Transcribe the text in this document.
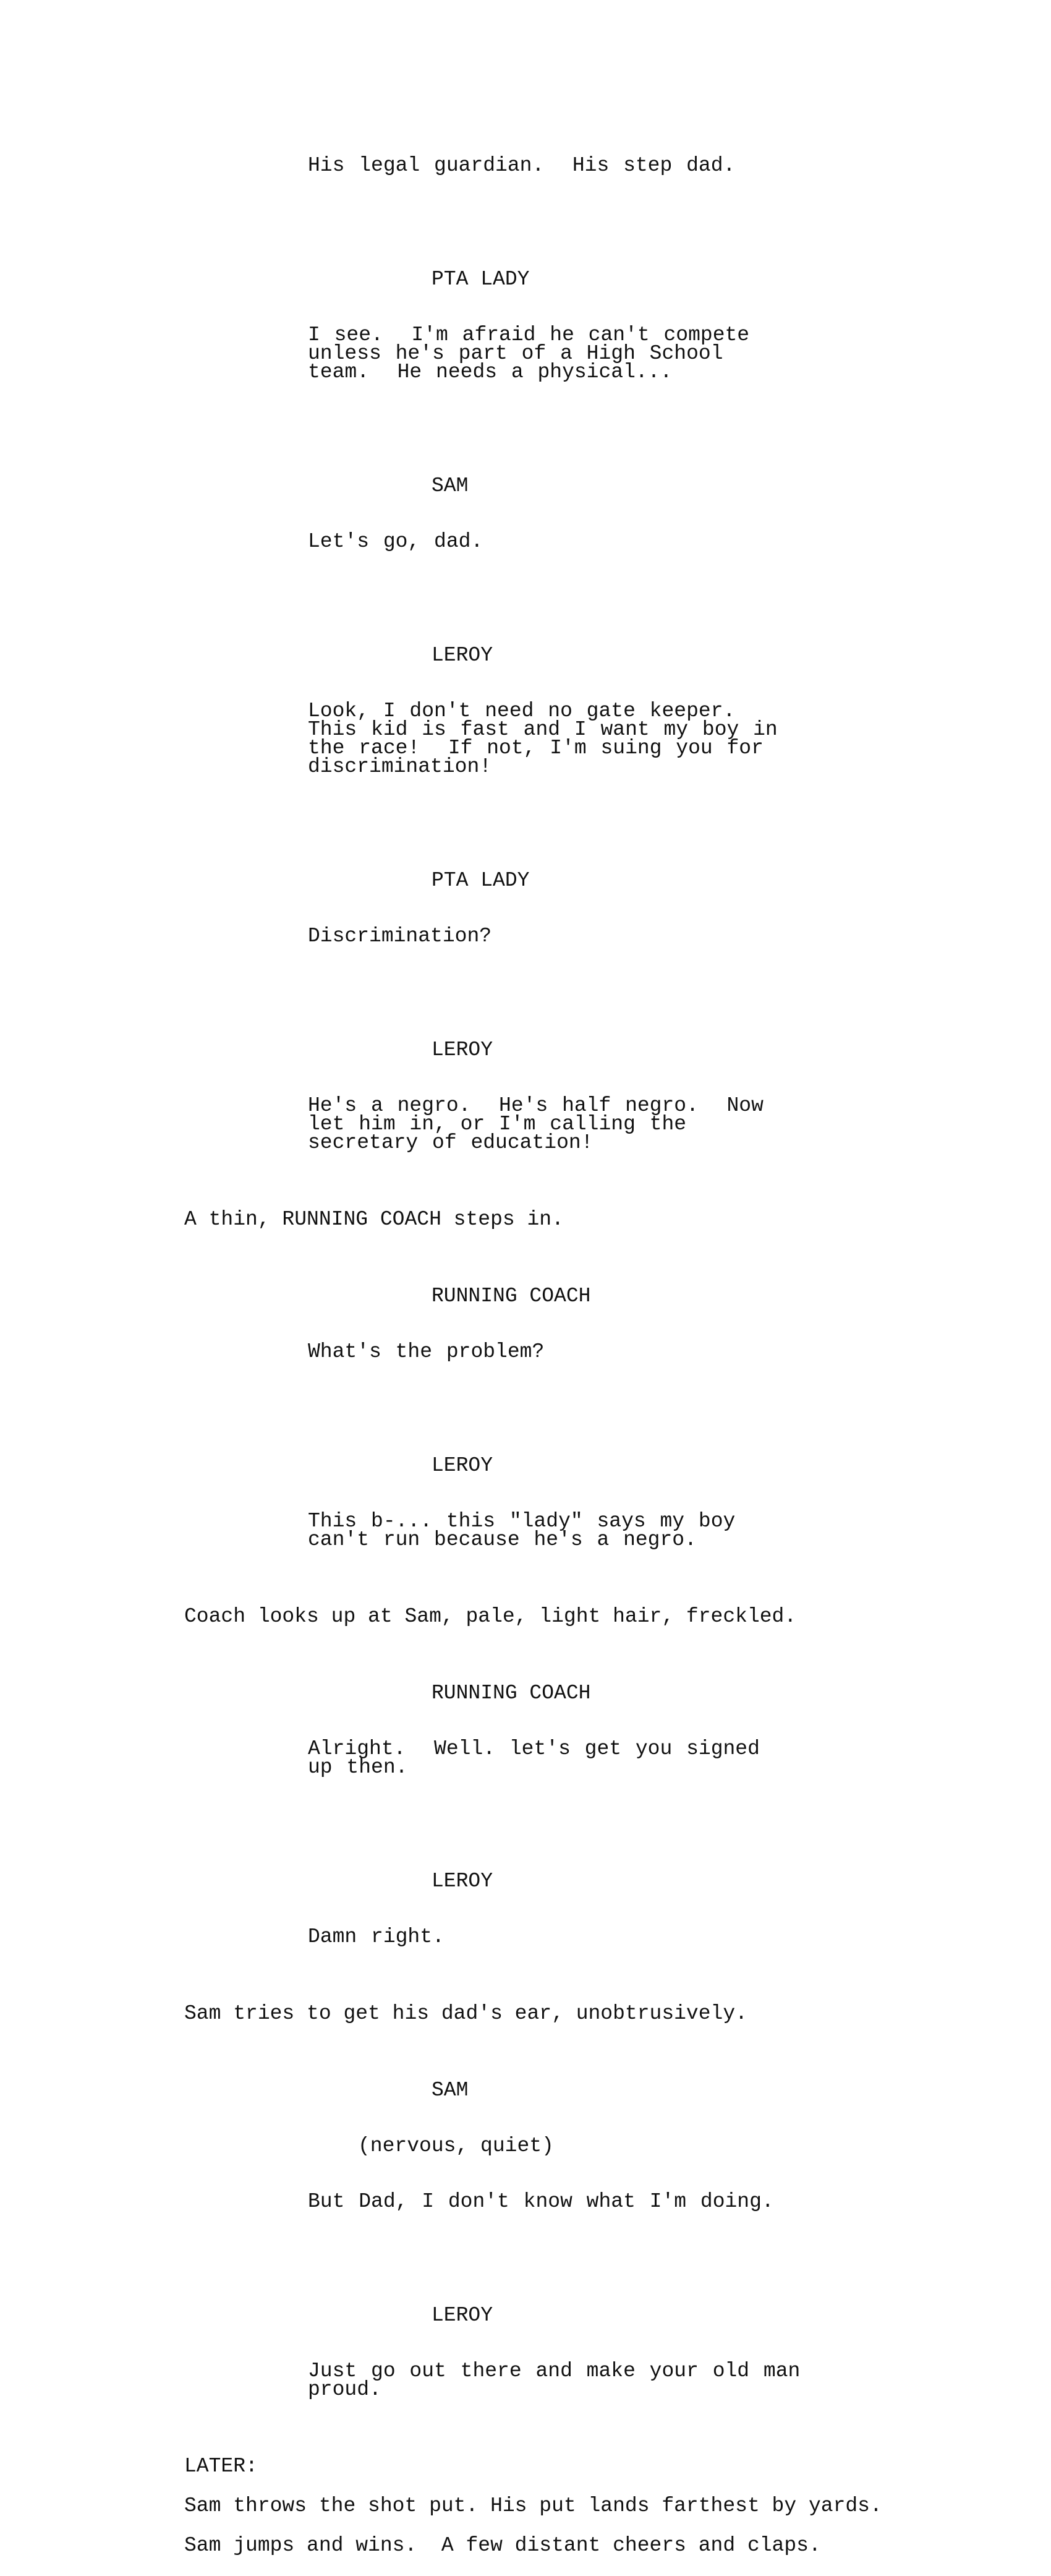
His legal guardian.  His step dad.

PTA LADY

I see.  I'm afraid he can't compete
unless he's part of a High School
team.  He needs a physical...

SAM

Let's go, dad.

LEROY

Look, I don't need no gate keeper.
This kid is fast and I want my boy in
the race!  If not, I'm suing you for
discrimination!

PTA LADY

Discrimination?

LEROY

He's a negro.  He's half negro.  Now
let him in, or I'm calling the
secretary of education!

A thin, RUNNING COACH steps in.

RUNNING COACH

What's the problem?

LEROY

This b-... this "lady" says my boy
can't run because he's a negro.

Coach looks up at Sam, pale, light hair, freckled.

RUNNING COACH

Alright.  Well. let's get you signed
up then.

LEROY

Damn right.

Sam tries to get his dad's ear, unobtrusively.

SAM

(nervous, quiet)

But Dad, I don't know what I'm doing.

LEROY

Just go out there and make your old man
proud.

LATER:
Sam throws the shot put. His put lands farthest by yards.
Sam jumps and wins.  A few distant cheers and claps.
